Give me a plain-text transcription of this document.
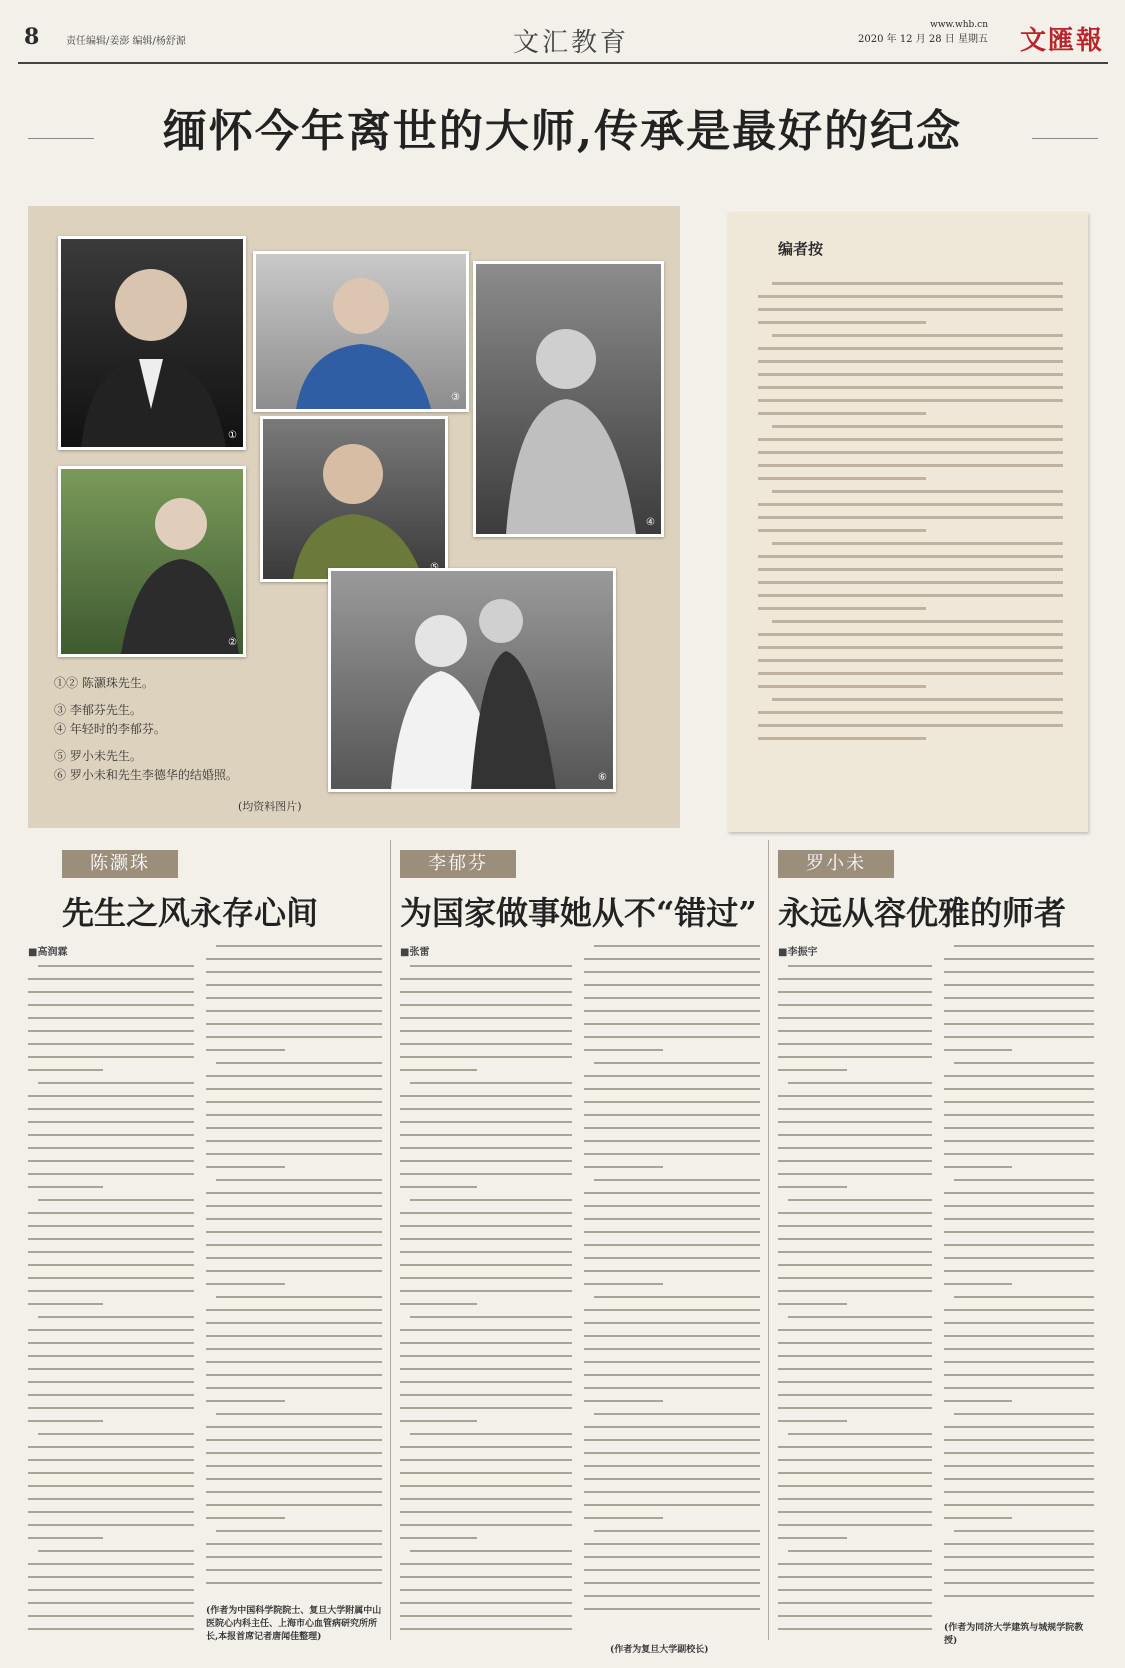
8	责任编辑/姜澎 编辑/杨舒源	文汇教育
www.whb.cn
2020 年 12 月 28 日 星期五 文匯報
缅怀今年离世的大师,传承是最好的纪念
①
②
③
④
⑥
①② 陈灏珠先生。
③ 李郁芬先生。
④ 年轻时的李郁芬。
⑤ 罗小未先生。
⑥ 罗小未和先生李德华的结婚照。
(均资料图片)
编者按
陈灏珠
先生之风永存心间
■高润霖
(作者为中国科学院院士、复旦大学附属中山医院心内科主任、上海市心血管病研究所所长,本报首席记者唐闻佳整理)
李郁芬
为国家做事她从不“错过”
■张雷
(作者为复旦大学副校长)
罗小未
永远从容优雅的师者
■李振宇
(作者为同济大学建筑与城规学院教授)
